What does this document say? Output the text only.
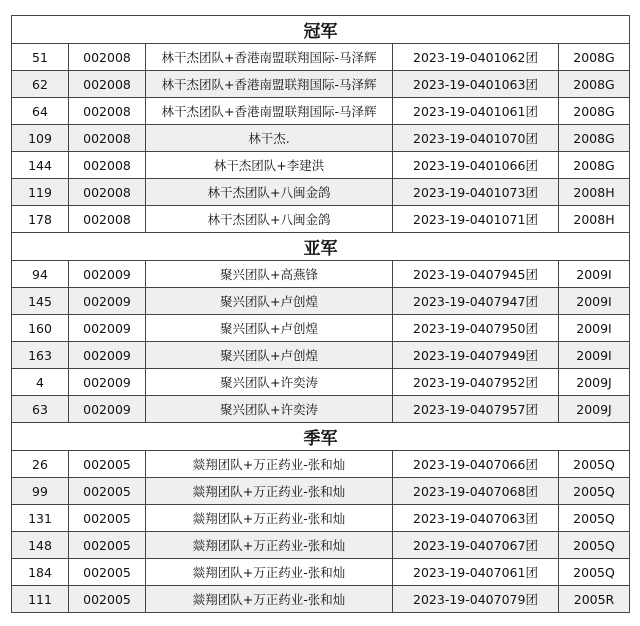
冠军				
51	002008	林干杰团队+香港南盟联翔国际-马泽辉	2023-19-0401062团	2008G
62	002008	林干杰团队+香港南盟联翔国际-马泽辉	2023-19-0401063团	2008G
64	002008	林干杰团队+香港南盟联翔国际-马泽辉	2023-19-0401061团	2008G
109	002008	林干杰.	2023-19-0401070团	2008G
144	002008	林干杰团队+李建洪	2023-19-0401066团	2008G
119	002008	林干杰团队+八闽金鸽	2023-19-0401073团	2008H
178	002008	林干杰团队+八闽金鸽	2023-19-0401071团	2008H
亚军				
94	002009	聚兴团队+高燕锋	2023-19-0407945团	2009I
145	002009	聚兴团队+卢创煌	2023-19-0407947团	2009I
160	002009	聚兴团队+卢创煌	2023-19-0407950团	2009I
163	002009	聚兴团队+卢创煌	2023-19-0407949团	2009I
4	002009	聚兴团队+许奕涛	2023-19-0407952团	2009J
63	002009	聚兴团队+许奕涛	2023-19-0407957团	2009J
季军				
26	002005	燚翔团队+万正药业-张和灿	2023-19-0407066团	2005Q
99	002005	燚翔团队+万正药业-张和灿	2023-19-0407068团	2005Q
131	002005	燚翔团队+万正药业-张和灿	2023-19-0407063团	2005Q
148	002005	燚翔团队+万正药业-张和灿	2023-19-0407067团	2005Q
184	002005	燚翔团队+万正药业-张和灿	2023-19-0407061团	2005Q
111	002005	燚翔团队+万正药业-张和灿	2023-19-0407079团	2005R
